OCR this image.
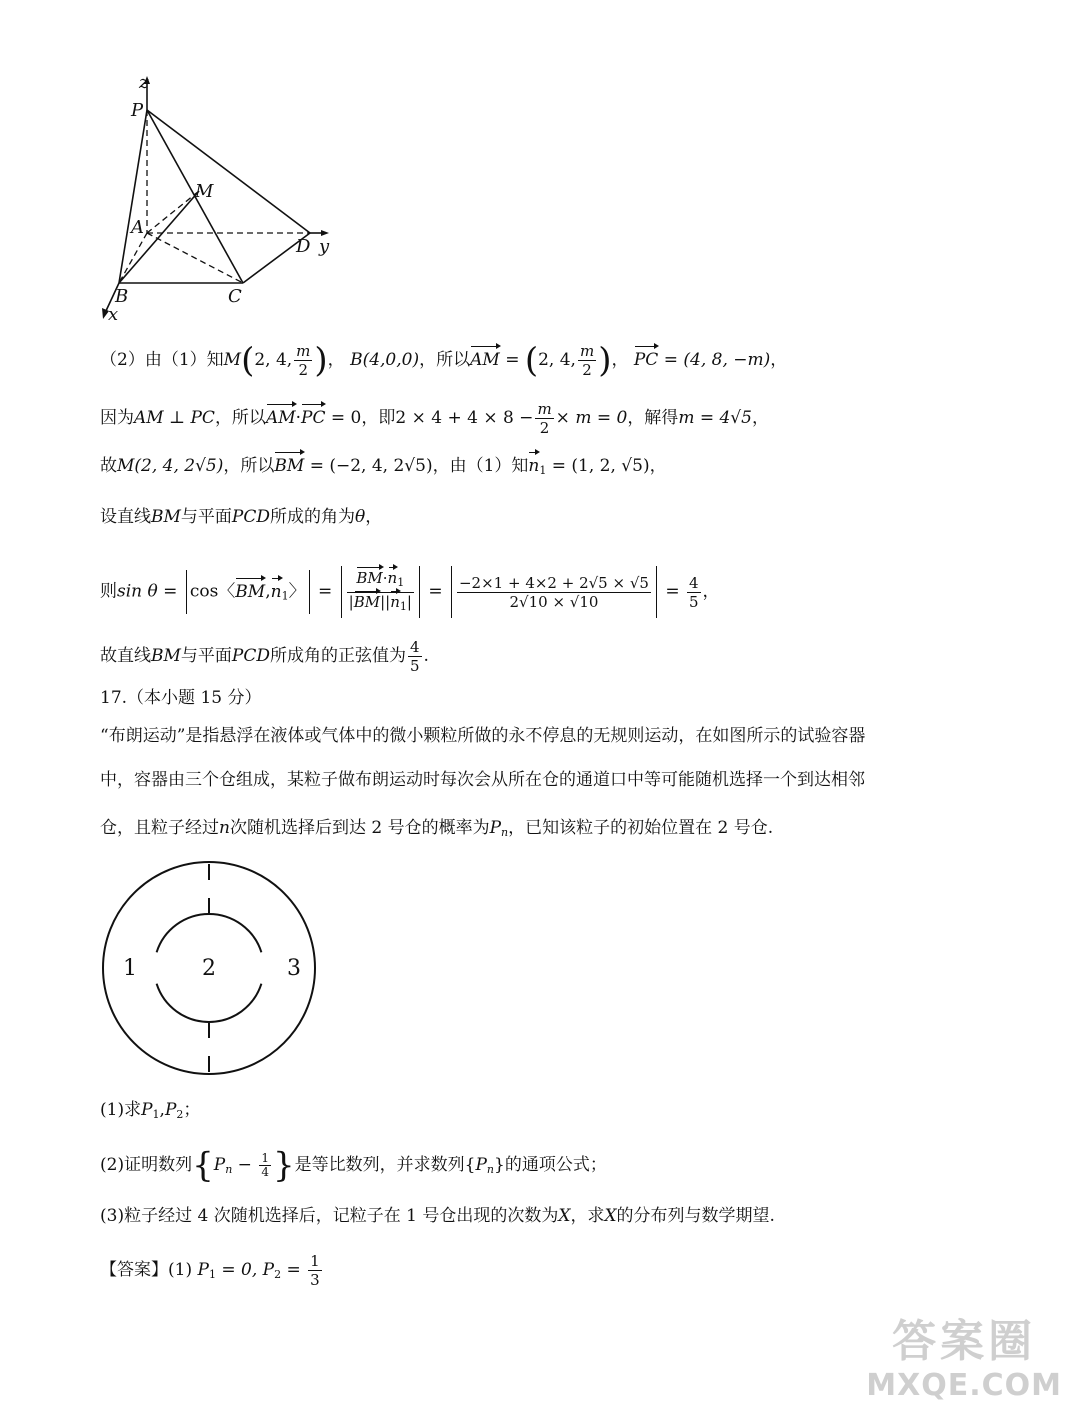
z
P
M
A
D y
B	C
x
（2）由（1）知M(2, 4, $\frac{m}{2}$ )， B(4,0,0)，所以AM = (2, 4, $\frac{m}{2}$ )， PC = (4, 8, −m)，
因为AM ⊥ PC，所以AM·PC = 0，即$2 \times 4 + 4 \times 8 - \frac{m}{2} \times m = 0$，解得m = 4√5，
故M(2, 4, 2√5)，所以BM = (−2, 4, 2√5)，由（1）知$n_1 = (1$, 2, √5)，
设直线BM与平面PCD所成的角为θ，
则sin θ = cos〈$BM,n_1$〉 = $\frac{BM\cdot n_1}{|BM||n_1|} = \frac{-2\times 1 + 4\times 2 + 2√5 \times √5}{2√10 \times √10} = \frac{4}{5}$ ，
故直线BM与平面PCD所成角的正弦值为 $\frac{4}{5}$ .
17.（本小题 15 分）
“布朗运动”是指悬浮在液体或气体中的微小颗粒所做的永不停息的无规则运动，在如图所示的试验容器
中，容器由三个仓组成，某粒子做布朗运动时每次会从所在仓的通道口中等可能随机选择一个到达相邻
仓，且粒子经过n次随机选择后到达 2 号仓的概率为$P_n$，已知该粒子的初始位置在 2 号仓.
1	2	3
(1)求$P_1,P_2$；
(2)证明数列{$P_n - \frac{1}{4}$ }是等比数列，并求数列$\{P_n\}$的通项公式；
(3)粒子经过 4 次随机选择后，记粒子在 1 号仓出现的次数为X，求X的分布列与数学期望.
【答案】(1) $P_1 = 0$, $P_2 = \frac{1}{3}$
答案圈
MXQE.COM
